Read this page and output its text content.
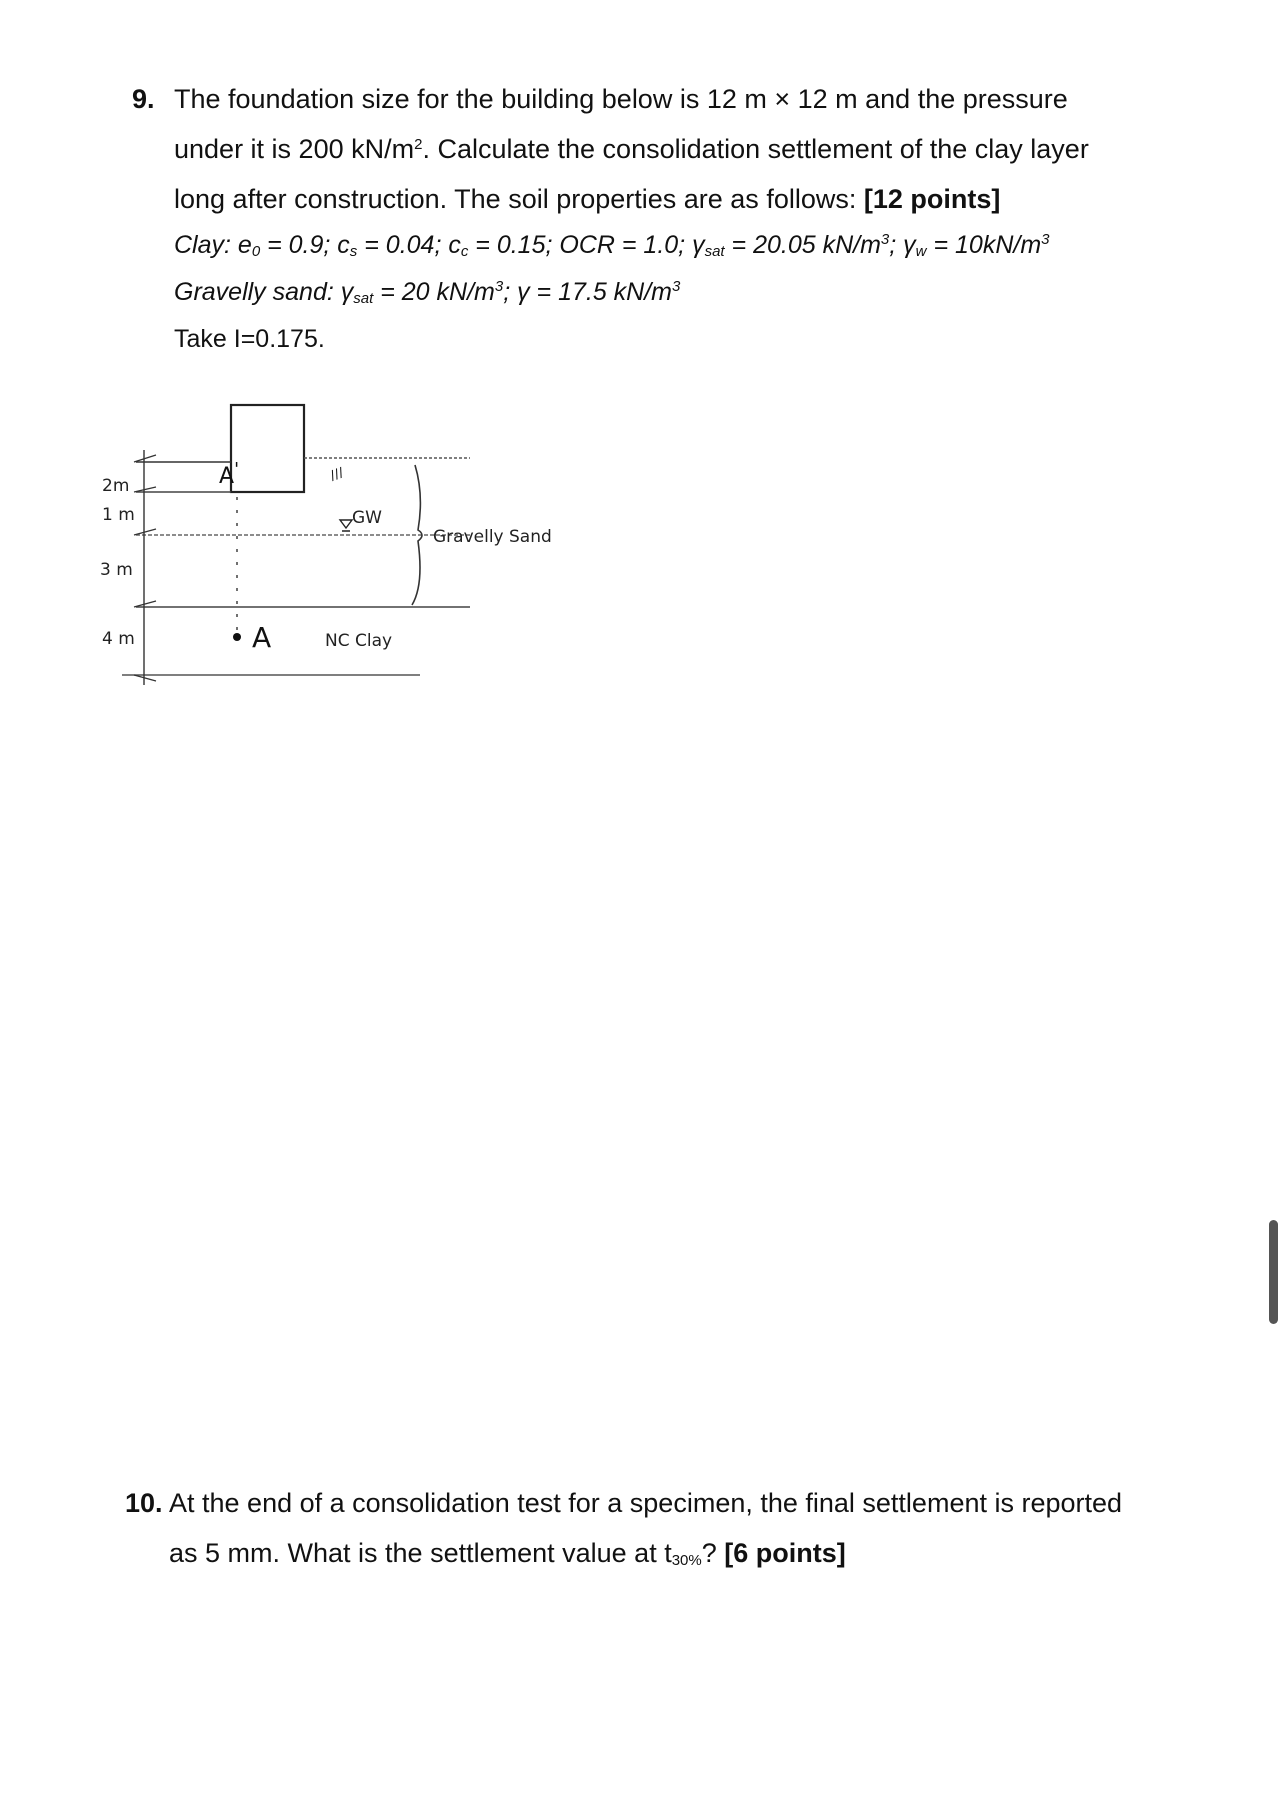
9. The foundation size for the building below is 12 m × 12 m and the pressure
under it is 200 $kN/m^2$. Calculate the consolidation settlement of the clay layer
long after construction. The soil properties are as follows: [12 points]
Clay: $e_0 = 0.9$; $c_s = 0.04$; $c_c = 0.15$; OCR = 1.0; $\gamma_{sat} = 20.05$ $kN/m^3$; $\gamma_w = 10kN/m^3$
Gravelly sand: $\gamma_{sat} = 20$ $kN/m^3$; γ = 17.5 $kN/m^3$
Take I=0.175.
2m
1 m
3 m
4 m
A'
A
///
GW
Gravelly Sand
NC Clay
10. At the end of a consolidation test for a specimen, the final settlement is reported
as 5 mm. What is the settlement value at $t_{30\%}$? [6 points]
